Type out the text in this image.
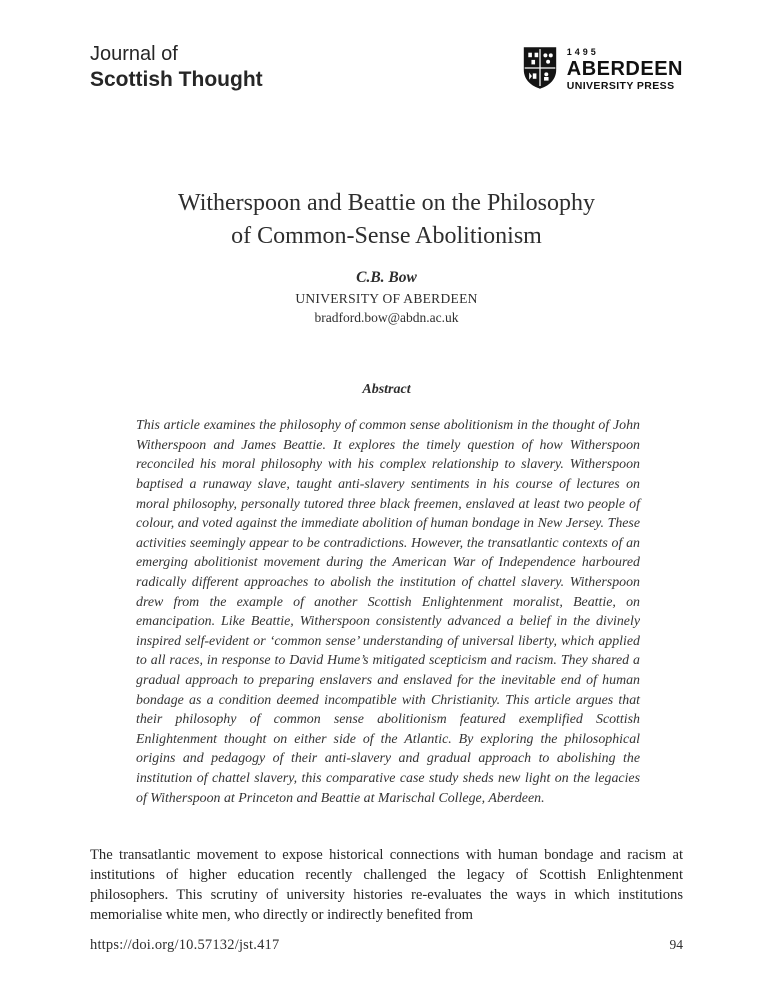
Journal of
Scottish Thought
1495
ABERDEEN
UNIVERSITY PRESS
Witherspoon and Beattie on the Philosophy
of Common-Sense Abolitionism
C.B. Bow
UNIVERSITY OF ABERDEEN
bradford.bow@abdn.ac.uk
Abstract
This article examines the philosophy of common sense abolitionism in the thought of John Witherspoon and James Beattie. It explores the timely question of how Witherspoon reconciled his moral philosophy with his complex relationship to slavery. Witherspoon baptised a runaway slave, taught anti-slavery sentiments in his course of lectures on moral philosophy, personally tutored three black freemen, enslaved at least two people of colour, and voted against the immediate abolition of human bondage in New Jersey. These activities seemingly appear to be contradictions. However, the transatlantic contexts of an emerging abolitionist movement during the American War of Independence harboured radically different approaches to abolish the institution of chattel slavery. Witherspoon drew from the example of another Scottish Enlightenment moralist, Beattie, on emancipation. Like Beattie, Witherspoon consistently advanced a belief in the divinely inspired self-evident or ‘common sense’ understanding of universal liberty, which applied to all races, in response to David Hume’s mitigated scepticism and racism. They shared a gradual approach to preparing enslavers and enslaved for the inevitable end of human bondage as a condition deemed incompatible with Christianity. This article argues that their philosophy of common sense abolitionism featured exemplified Scottish Enlightenment thought on either side of the Atlantic. By exploring the philosophical origins and pedagogy of their anti-slavery and gradual approach to abolishing the institution of chattel slavery, this comparative case study sheds new light on the legacies of Witherspoon at Princeton and Beattie at Marischal College, Aberdeen.
The transatlantic movement to expose historical connections with human bondage and racism at institutions of higher education recently challenged the legacy of Scottish Enlightenment philosophers. This scrutiny of university histories re-evaluates the ways in which institutions memorialise white men, who directly or indirectly benefited from
https://doi.org/10.57132/jst.417	94
